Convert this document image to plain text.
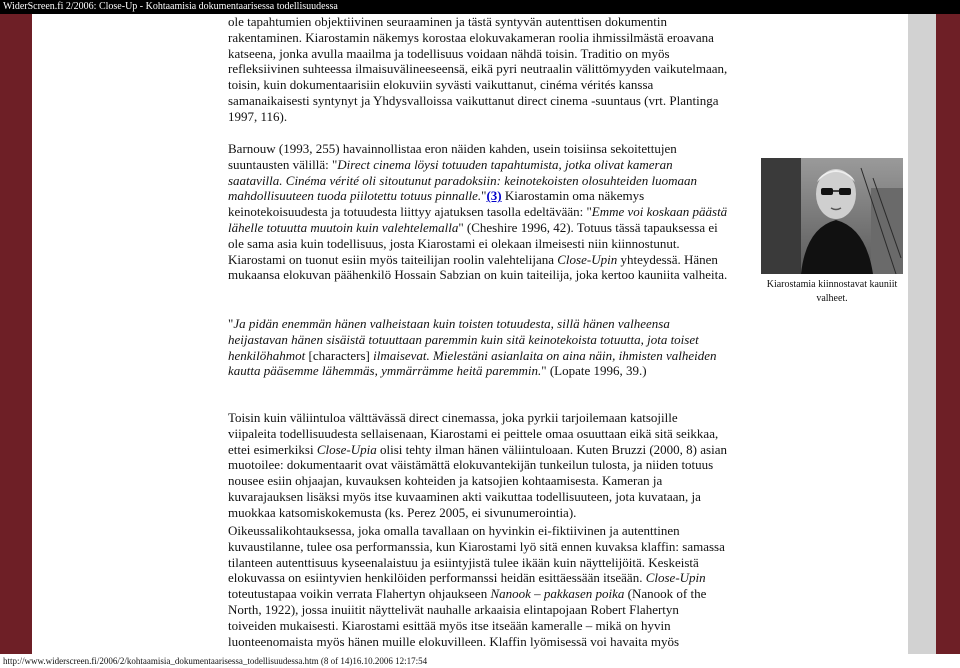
WiderScreen.fi 2/2006: Close-Up - Kohtaamisia dokumentaarisessa todellisuudessa

ole tapahtumien objektiivinen seuraaminen ja tästä syntyvän autenttisen dokumentin rakentaminen. Kiarostamin näkemys korostaa elokuvakameran roolia ihmissilmästä eroavana katseena, jonka avulla maailma ja todellisuus voidaan nähdä toisin. Traditio on myös refleksiivinen suhteessa ilmaisuvälineeseensä, eikä pyri neutraalin välittömyyden vaikutelmaan, toisin, kuin dokumentaarisiin elokuviin syvästi vaikuttanut, cinéma vérités kanssa samanaikaisesti syntynyt ja Yhdysvalloissa vaikuttanut direct cinema -suuntaus (vrt. Plantinga 1997, 116).

Barnouw (1993, 255) havainnollistaa eron näiden kahden, usein toisiinsa sekoitettujen suuntausten välillä: "Direct cinema löysi totuuden tapahtumista, jotka olivat kameran saatavilla. Cinéma vérité oli sitoutunut paradoksiin: keinotekoisten olosuhteiden luomaan mahdollisuuteen tuoda piilotettu totuus pinnalle."(3) Kiarostamin oma näkemys keinotekoisuudesta ja totuudesta liittyy ajatuksen tasolla edeltävään: "Emme voi koskaan päästä lähelle totuutta muutoin kuin valehtelemalla" (Cheshire 1996, 42). Totuus tässä tapauksessa ei ole sama asia kuin todellisuus, josta Kiarostami ei olekaan ilmeisesti niin kiinnostunut. Kiarostami on tuonut esiin myös taiteilijan roolin valehtelijana Close-Upin yhteydessä. Hänen mukaansa elokuvan päähenkilö Hossain Sabzian on kuin taiteilija, joka kertoo kauniita valheita.

"Ja pidän enemmän hänen valheistaan kuin toisten totuudesta, sillä hänen valheensa heijastavan hänen sisäistä totuuttaan paremmin kuin sitä keinotekoista totuutta, jota toiset henkilöhahmot [characters] ilmaisevat. Mielestäni asianlaita on aina näin, ihmisten valheiden kautta pääsemme lähemmäs, ymmärrämme heitä paremmin." (Lopate 1996, 39.)

Toisin kuin väliintuloa välttävässä direct cinemassa, joka pyrkii tarjoilemaan katsojille viipaleita todellisuudesta sellaisenaan, Kiarostami ei peittele omaa osuuttaan eikä sitä seikkaa, ettei esimerkiksi Close-Upia olisi tehty ilman hänen väliintuloaan. Kuten Bruzzi (2000, 8) asian muotoilee: dokumentaarit ovat väistämättä elokuvantekijän tunkeilun tulosta, ja niiden totuus nousee esiin ohjaajan, kuvauksen kohteiden ja katsojien kohtaamisesta. Kameran ja kuvarajauksen lisäksi myös itse kuvaaminen akti vaikuttaa todellisuuteen, jota kuvataan, ja muokkaa katsomiskokemusta (ks. Perez 2005, ei sivunumerointia).

Oikeussalikohtauksessa, joka omalla tavallaan on hyvinkin ei-fiktiivinen ja autenttinen kuvaustilanne, tulee osa performanssia, kun Kiarostami lyö sitä ennen kuvaksa klaffin: samassa tilanteen autenttisuus kyseenalaistuu ja esiintyjistä tulee ikään kuin näyttelijöitä. Keskeistä elokuvassa on esiintyvien henkilöiden performanssi heidän esittäessään itseään. Close-Upin toteutustapaa voikin verrata Flahertyn ohjaukseen Nanook – pakkasen poika (Nanook of the North, 1922), jossa inuiitit näyttelivät nauhalle arkaaisia elintapojaan Robert Flahertyn toiveiden mukaisesti. Kiarostami esittää myös itse itseään kameralle – mikä on hyvin luonteenomaista myös hänen muille elokuvilleen. Klaffin lyömisessä voi havaita myös

Kiarostamia kiinnostavat kauniit valheet.
http://www.widerscreen.fi/2006/2/kohtaamisia_dokumentaarisessa_todellisuudessa.htm (8 of 14)16.10.2006 12:17:54
